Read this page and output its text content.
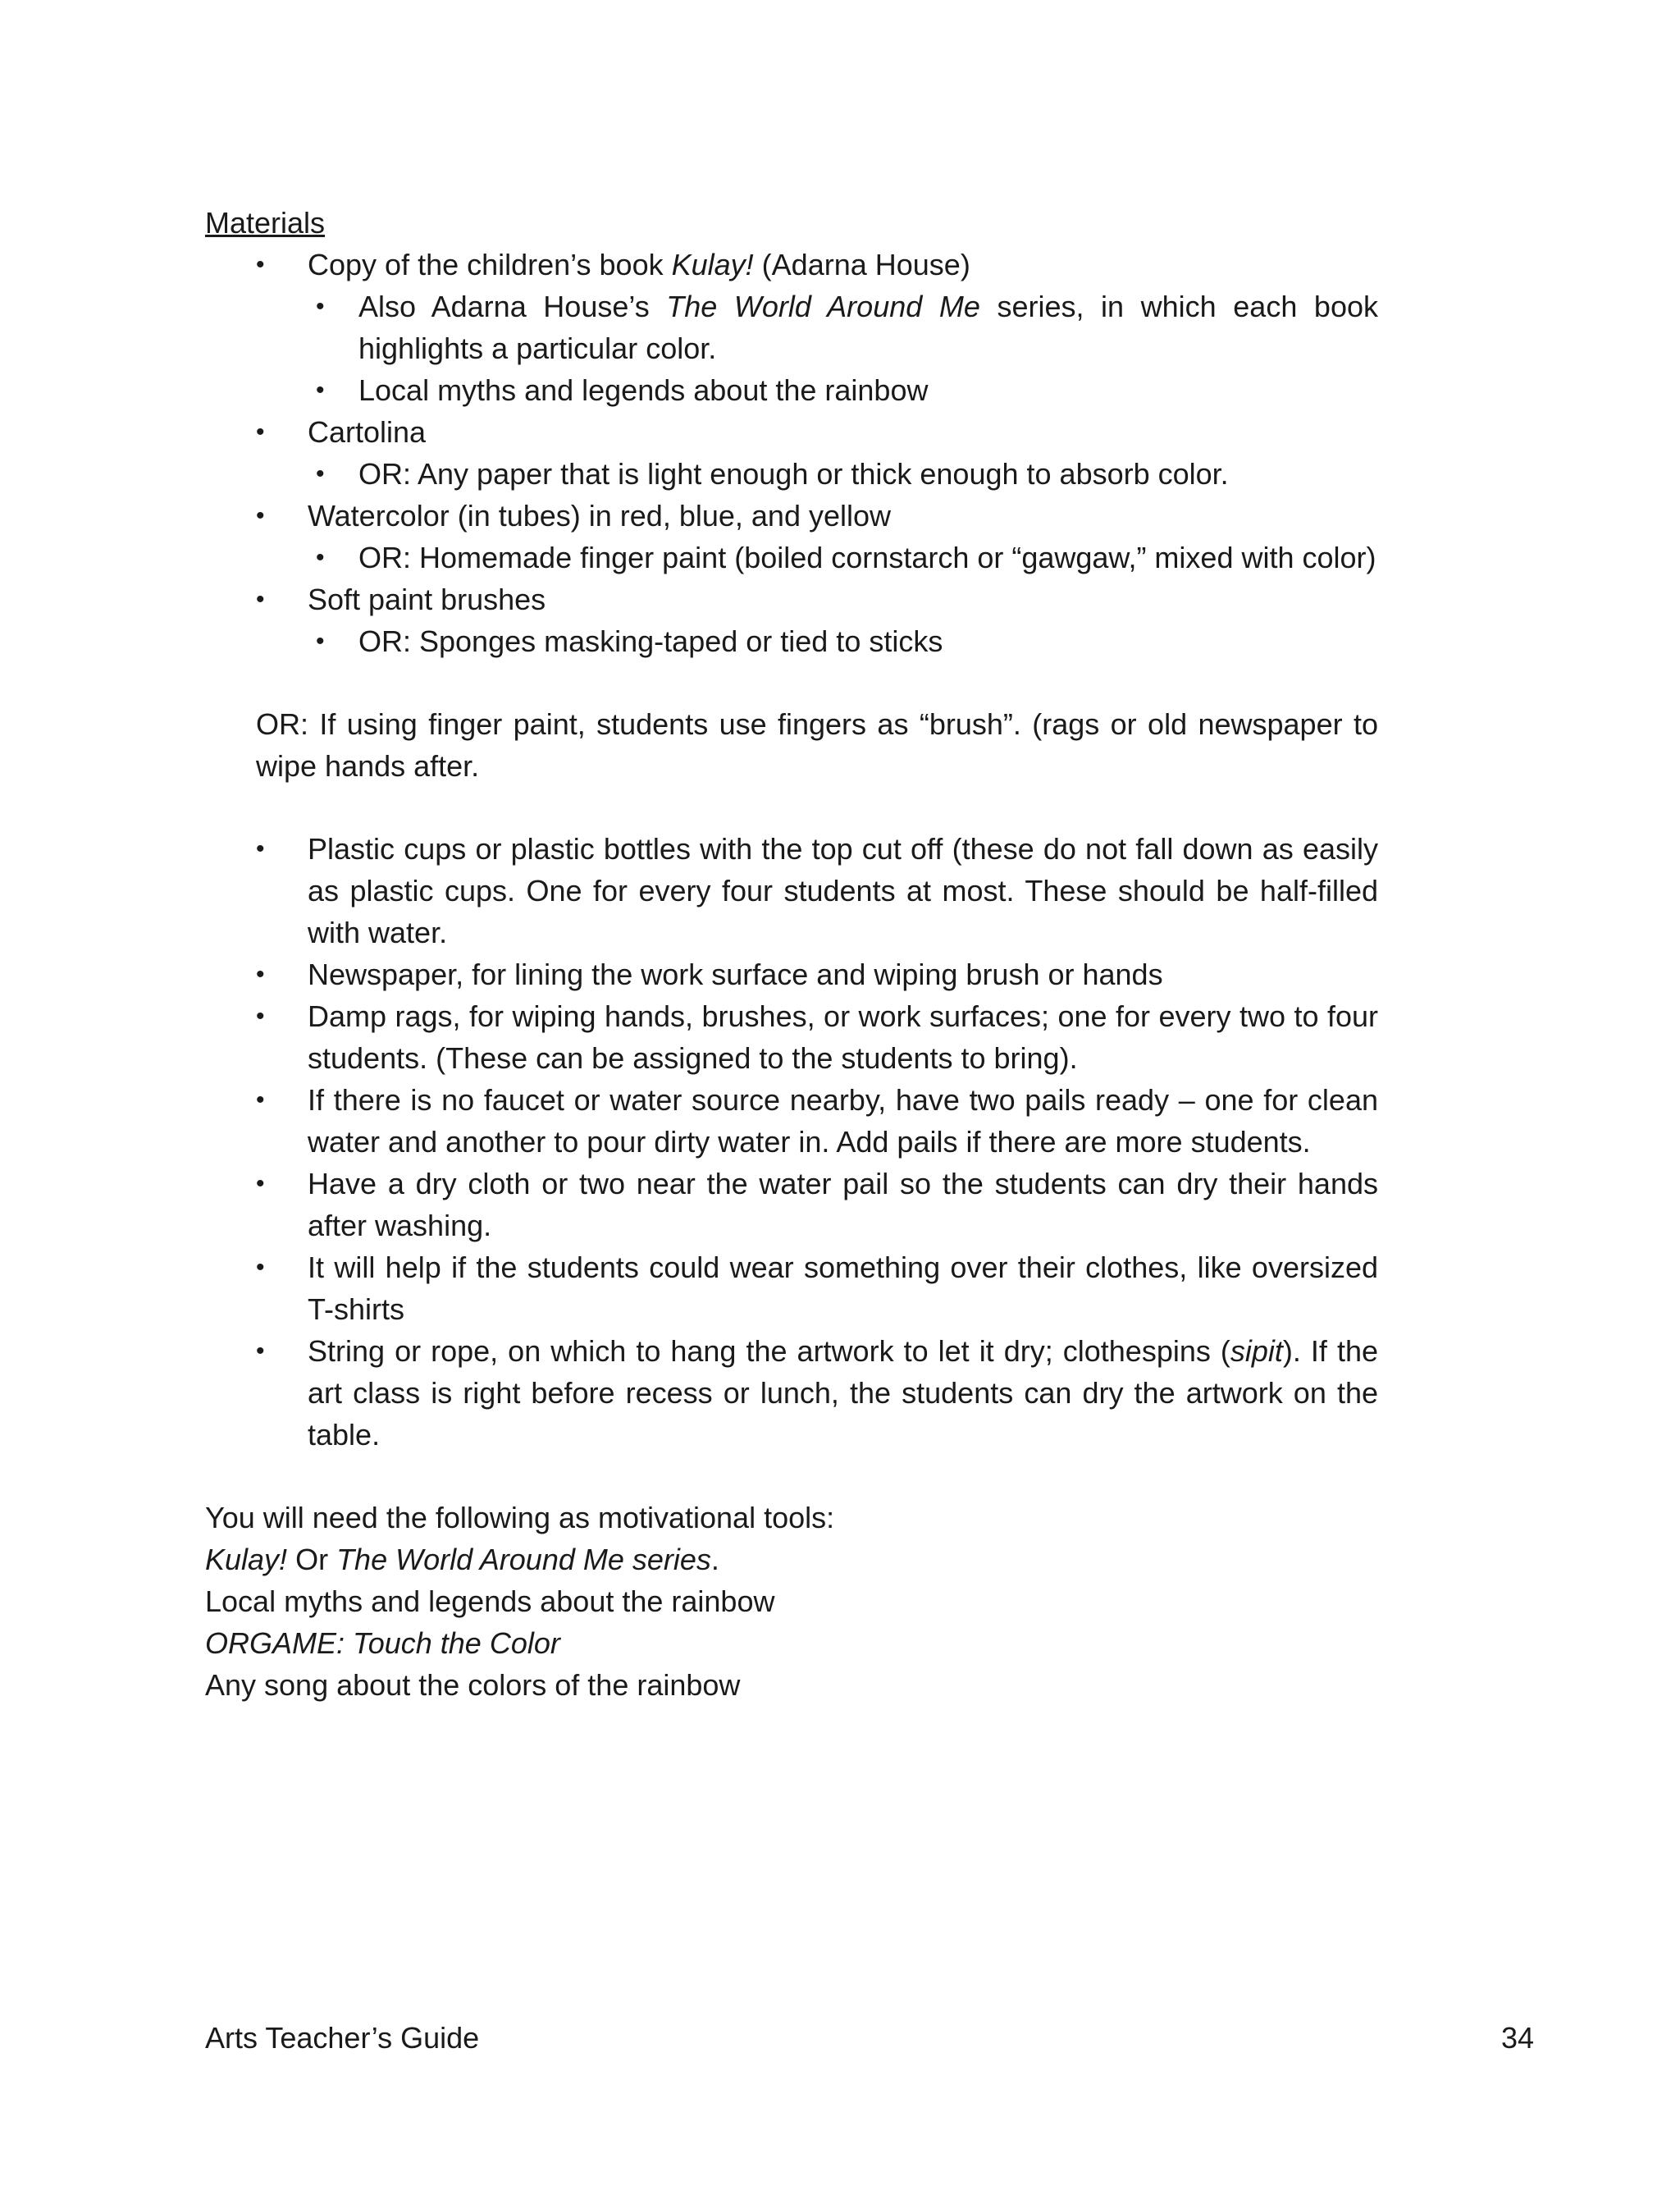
Materials
• Copy of the children’s book Kulay! (Adarna House)
• Also Adarna House’s The World Around Me series, in which each book highlights a particular color.
• Local myths and legends about the rainbow
• Cartolina
• OR: Any paper that is light enough or thick enough to absorb color.
• Watercolor (in tubes) in red, blue, and yellow
• OR: Homemade finger paint (boiled cornstarch or “gawgaw,” mixed with color)
• Soft paint brushes
• OR: Sponges masking-taped or tied to sticks
OR: If using finger paint, students use fingers as “brush”. (rags or old newspaper to wipe hands after.
• Plastic cups or plastic bottles with the top cut off (these do not fall down as easily as plastic cups. One for every four students at most. These should be half-filled with water.
• Newspaper, for lining the work surface and wiping brush or hands
• Damp rags, for wiping hands, brushes, or work surfaces; one for every two to four students. (These can be assigned to the students to bring).
• If there is no faucet or water source nearby, have two pails ready – one for clean water and another to pour dirty water in. Add pails if there are more students.
• Have a dry cloth or two near the water pail so the students can dry their hands after washing.
• It will help if the students could wear something over their clothes, like oversized T-shirts
• String or rope, on which to hang the artwork to let it dry; clothespins (sipit). If the art class is right before recess or lunch, the students can dry the artwork on the table.
You will need the following as motivational tools:
Kulay! Or The World Around Me series.
Local myths and legends about the rainbow
ORGAME: Touch the Color
Any song about the colors of the rainbow
Arts Teacher’s Guide	34
